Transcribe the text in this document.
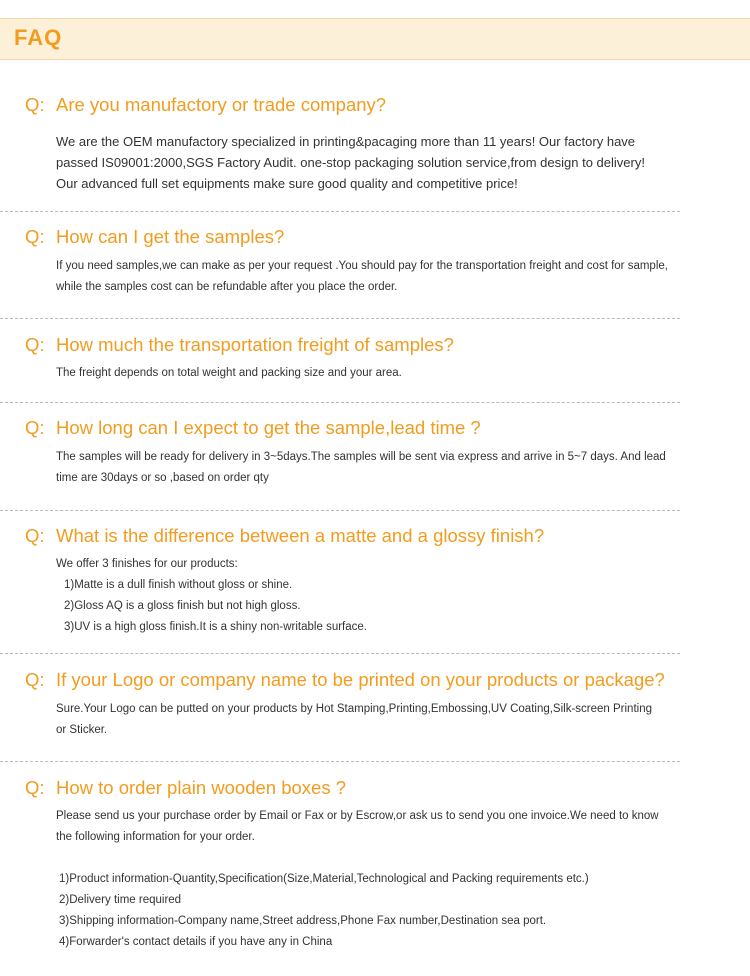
FAQ
Q: Are you manufactory or trade company?
We are the OEM manufactory specialized in printing&pacaging more than 11 years! Our factory have
passed IS09001:2000,SGS Factory Audit. one-stop packaging solution service,from design to delivery!
Our advanced full set equipments make sure good quality and competitive price!
Q: How can I get the samples?
If you need samples,we can make as per your request .You should pay for the transportation freight and cost for sample,
while the samples cost can be refundable after you place the order.
Q: How much the transportation freight of samples?
The freight depends on total weight and packing size and your area.
Q: How long can I expect to get the sample,lead time ?
The samples will be ready for delivery in 3~5days.The samples will be sent via express and arrive in 5~7 days. And lead
time are 30days or so ,based on order qty
Q: What is the difference between a matte and a glossy finish?
We offer 3 finishes for our products:
1)Matte is a dull finish without gloss or shine.
2)Gloss AQ is a gloss finish but not high gloss.
3)UV is a high gloss finish.It is a shiny non-writable surface.
Q: If your Logo or company name to be printed on your products or package?
Sure.Your Logo can be putted on your products by Hot Stamping,Printing,Embossing,UV Coating,Silk-screen Printing
or Sticker.
Q: How to order plain wooden boxes ?
Please send us your purchase order by Email or Fax or by Escrow,or ask us to send you one invoice.We need to know
the following information for your order.
1)Product information-Quantity,Specification(Size,Material,Technological and Packing requirements etc.)
2)Delivery time required
3)Shipping information-Company name,Street address,Phone Fax number,Destination sea port.
4)Forwarder's contact details if you have any in China
